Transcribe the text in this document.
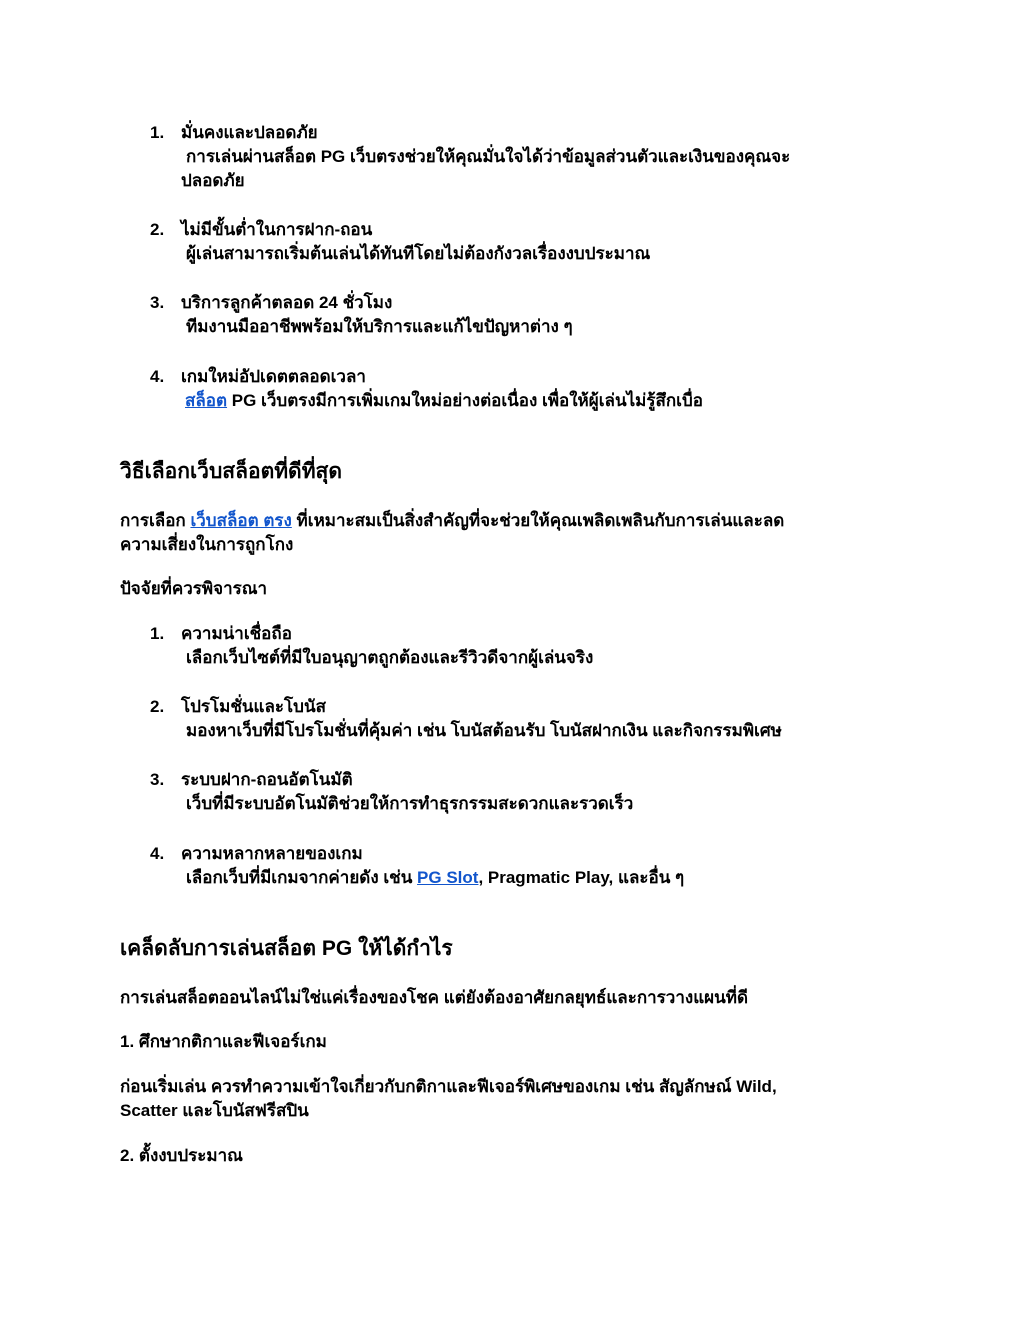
1. มั่นคงและปลอดภัย
การเล่นผ่านสล็อต PG เว็บตรงช่วยให้คุณมั่นใจได้ว่าข้อมูลส่วนตัวและเงินของคุณจะ
ปลอดภัย
2. ไม่มีขั้นต่ำในการฝาก-ถอน
ผู้เล่นสามารถเริ่มต้นเล่นได้ทันทีโดยไม่ต้องกังวลเรื่องงบประมาณ
3. บริการลูกค้าตลอด 24 ชั่วโมง
ทีมงานมืออาชีพพร้อมให้บริการและแก้ไขปัญหาต่าง ๆ
4. เกมใหม่อัปเดตตลอดเวลา
สล็อต PG เว็บตรงมีการเพิ่มเกมใหม่อย่างต่อเนื่อง เพื่อให้ผู้เล่นไม่รู้สึกเบื่อ
วิธีเลือกเว็บสล็อตที่ดีที่สุด
การเลือก เว็บสล็อต ตรง ที่เหมาะสมเป็นสิ่งสำคัญที่จะช่วยให้คุณเพลิดเพลินกับการเล่นและลด
ความเสี่ยงในการถูกโกง
ปัจจัยที่ควรพิจารณา
1. ความน่าเชื่อถือ
เลือกเว็บไซต์ที่มีใบอนุญาตถูกต้องและรีวิวดีจากผู้เล่นจริง
2. โปรโมชั่นและโบนัส
มองหาเว็บที่มีโปรโมชั่นที่คุ้มค่า เช่น โบนัสต้อนรับ โบนัสฝากเงิน และกิจกรรมพิเศษ
3. ระบบฝาก-ถอนอัตโนมัติ
เว็บที่มีระบบอัตโนมัติช่วยให้การทำธุรกรรมสะดวกและรวดเร็ว
4. ความหลากหลายของเกม
เลือกเว็บที่มีเกมจากค่ายดัง เช่น PG Slot, Pragmatic Play, และอื่น ๆ
เคล็ดลับการเล่นสล็อต PG ให้ได้กำไร
การเล่นสล็อตออนไลน์ไม่ใช่แค่เรื่องของโชค แต่ยังต้องอาศัยกลยุทธ์และการวางแผนที่ดี
1. ศึกษากติกาและฟีเจอร์เกม
ก่อนเริ่มเล่น ควรทำความเข้าใจเกี่ยวกับกติกาและฟีเจอร์พิเศษของเกม เช่น สัญลักษณ์ Wild,
Scatter และโบนัสฟรีสปิน
2. ตั้งงบประมาณ
